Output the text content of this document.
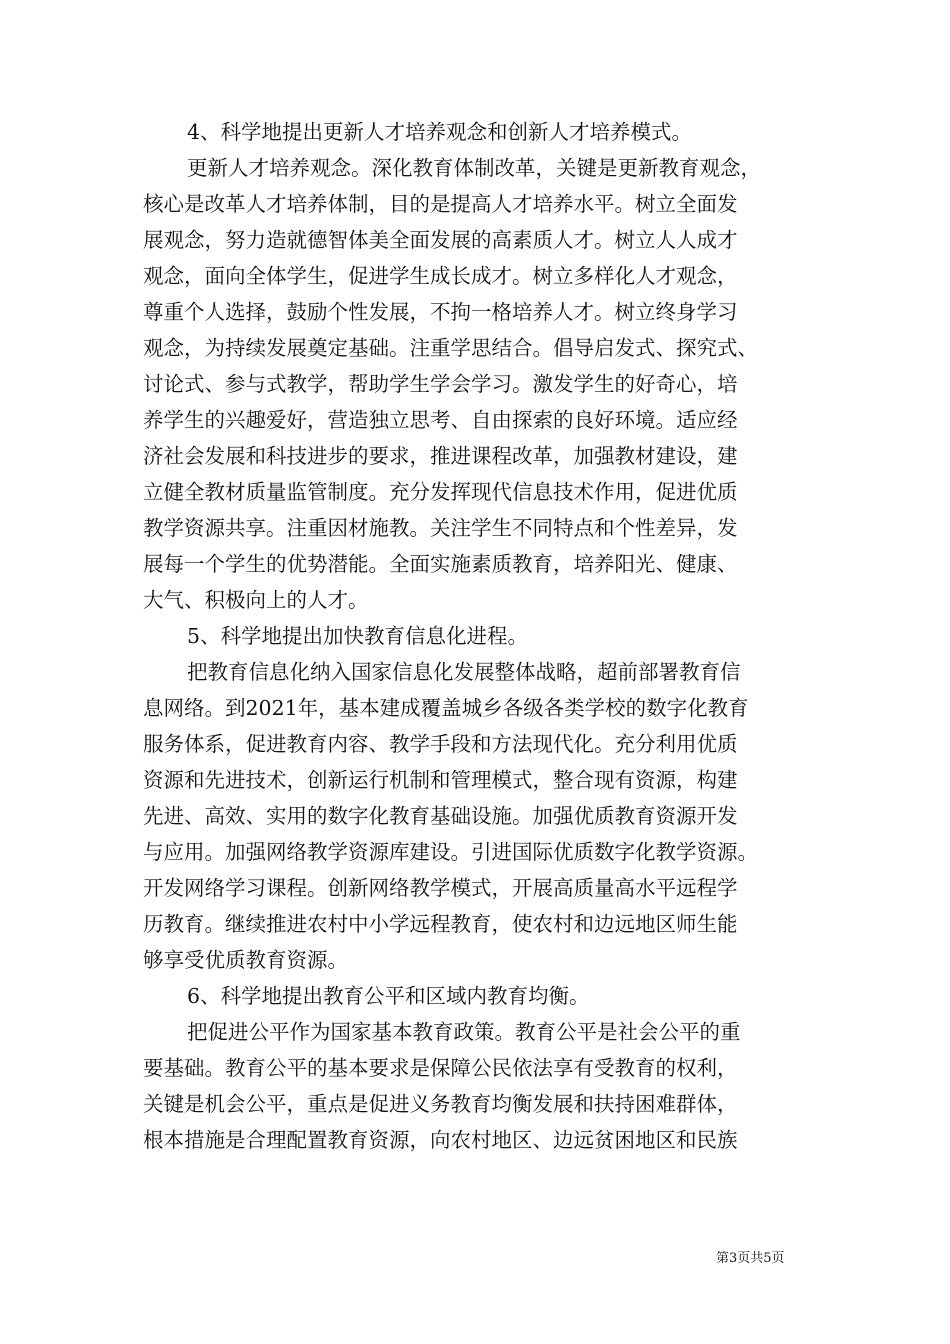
4、科学地提出更新人才培养观念和创新人才培养模式。
更新人才培养观念。深化教育体制改革，关键是更新教育观念，
核心是改革人才培养体制，目的是提高人才培养水平。树立全面发
展观念，努力造就德智体美全面发展的高素质人才。树立人人成才
观念，面向全体学生，促进学生成长成才。树立多样化人才观念，
尊重个人选择，鼓励个性发展，不拘一格培养人才。树立终身学习
观念，为持续发展奠定基础。注重学思结合。倡导启发式、探究式、
讨论式、参与式教学，帮助学生学会学习。激发学生的好奇心，培
养学生的兴趣爱好，营造独立思考、自由探索的良好环境。适应经
济社会发展和科技进步的要求，推进课程改革，加强教材建设，建
立健全教材质量监管制度。充分发挥现代信息技术作用，促进优质
教学资源共享。注重因材施教。关注学生不同特点和个性差异，发
展每一个学生的优势潜能。全面实施素质教育，培养阳光、健康、
大气、积极向上的人才。
5、科学地提出加快教育信息化进程。
把教育信息化纳入国家信息化发展整体战略，超前部署教育信
息网络。到2021年，基本建成覆盖城乡各级各类学校的数字化教育
服务体系，促进教育内容、教学手段和方法现代化。充分利用优质
资源和先进技术，创新运行机制和管理模式，整合现有资源，构建
先进、高效、实用的数字化教育基础设施。加强优质教育资源开发
与应用。加强网络教学资源库建设。引进国际优质数字化教学资源。
开发网络学习课程。创新网络教学模式，开展高质量高水平远程学
历教育。继续推进农村中小学远程教育，使农村和边远地区师生能
够享受优质教育资源。
6、科学地提出教育公平和区域内教育均衡。
把促进公平作为国家基本教育政策。教育公平是社会公平的重
要基础。教育公平的基本要求是保障公民依法享有受教育的权利，
关键是机会公平，重点是促进义务教育均衡发展和扶持困难群体，
根本措施是合理配置教育资源，向农村地区、边远贫困地区和民族
第3页共5页
